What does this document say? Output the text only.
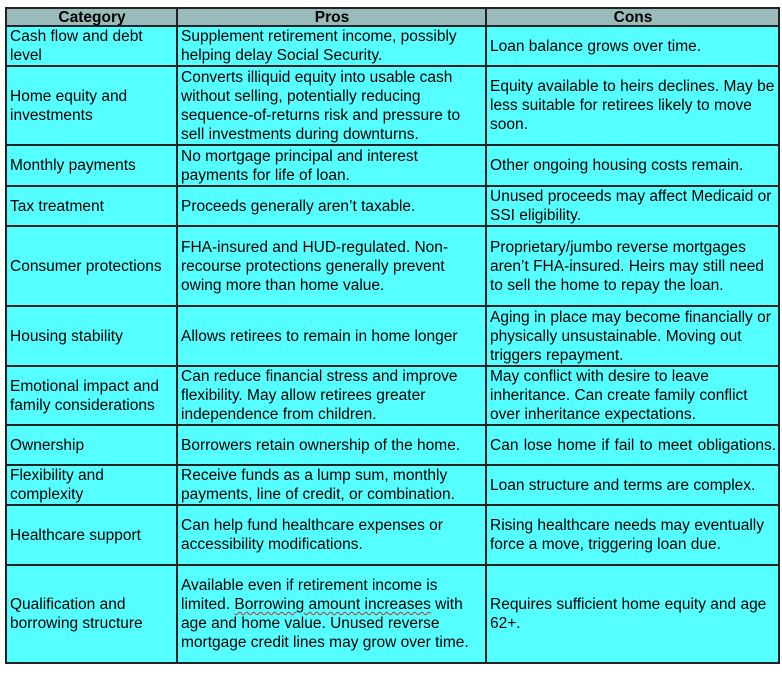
Category	Pros	Cons
Cash flow and debt level	Supplement retirement income, possibly helping delay Social Security.	Loan balance grows over time.
Home equity and investments	Converts illiquid equity into usable cash without selling, potentially reducing sequence-of-returns risk and pressure to sell investments during downturns.	Equity available to heirs declines. May be less suitable for retirees likely to move soon.
Monthly payments	No mortgage principal and interest payments for life of loan.	Other ongoing housing costs remain.
Tax treatment	Proceeds generally aren’t taxable.	Unused proceeds may affect Medicaid or SSI eligibility.
Consumer protections	FHA-insured and HUD-regulated. Non-recourse protections generally prevent owing more than home value.	Proprietary/jumbo reverse mortgages aren’t FHA-insured. Heirs may still need to sell the home to repay the loan.
Housing stability	Allows retirees to remain in home longer	Aging in place may become financially or physically unsustainable. Moving out triggers repayment.
Emotional impact and family considerations	Can reduce financial stress and improve flexibility. May allow retirees greater independence from children.	May conflict with desire to leave inheritance. Can create family conflict over inheritance expectations.
Ownership	Borrowers retain ownership of the home.	Can lose home if fail to meet obligations.
Flexibility and complexity	Receive funds as a lump sum, monthly payments, line of credit, or combination.	Loan structure and terms are complex.
Healthcare support	Can help fund healthcare expenses or accessibility modifications.	Rising healthcare needs may eventually force a move, triggering loan due.
Qualification and borrowing structure	Available even if retirement income is limited. Borrowing amount increases with age and home value. Unused reverse mortgage credit lines may grow over time.	Requires sufficient home equity and age 62+.
